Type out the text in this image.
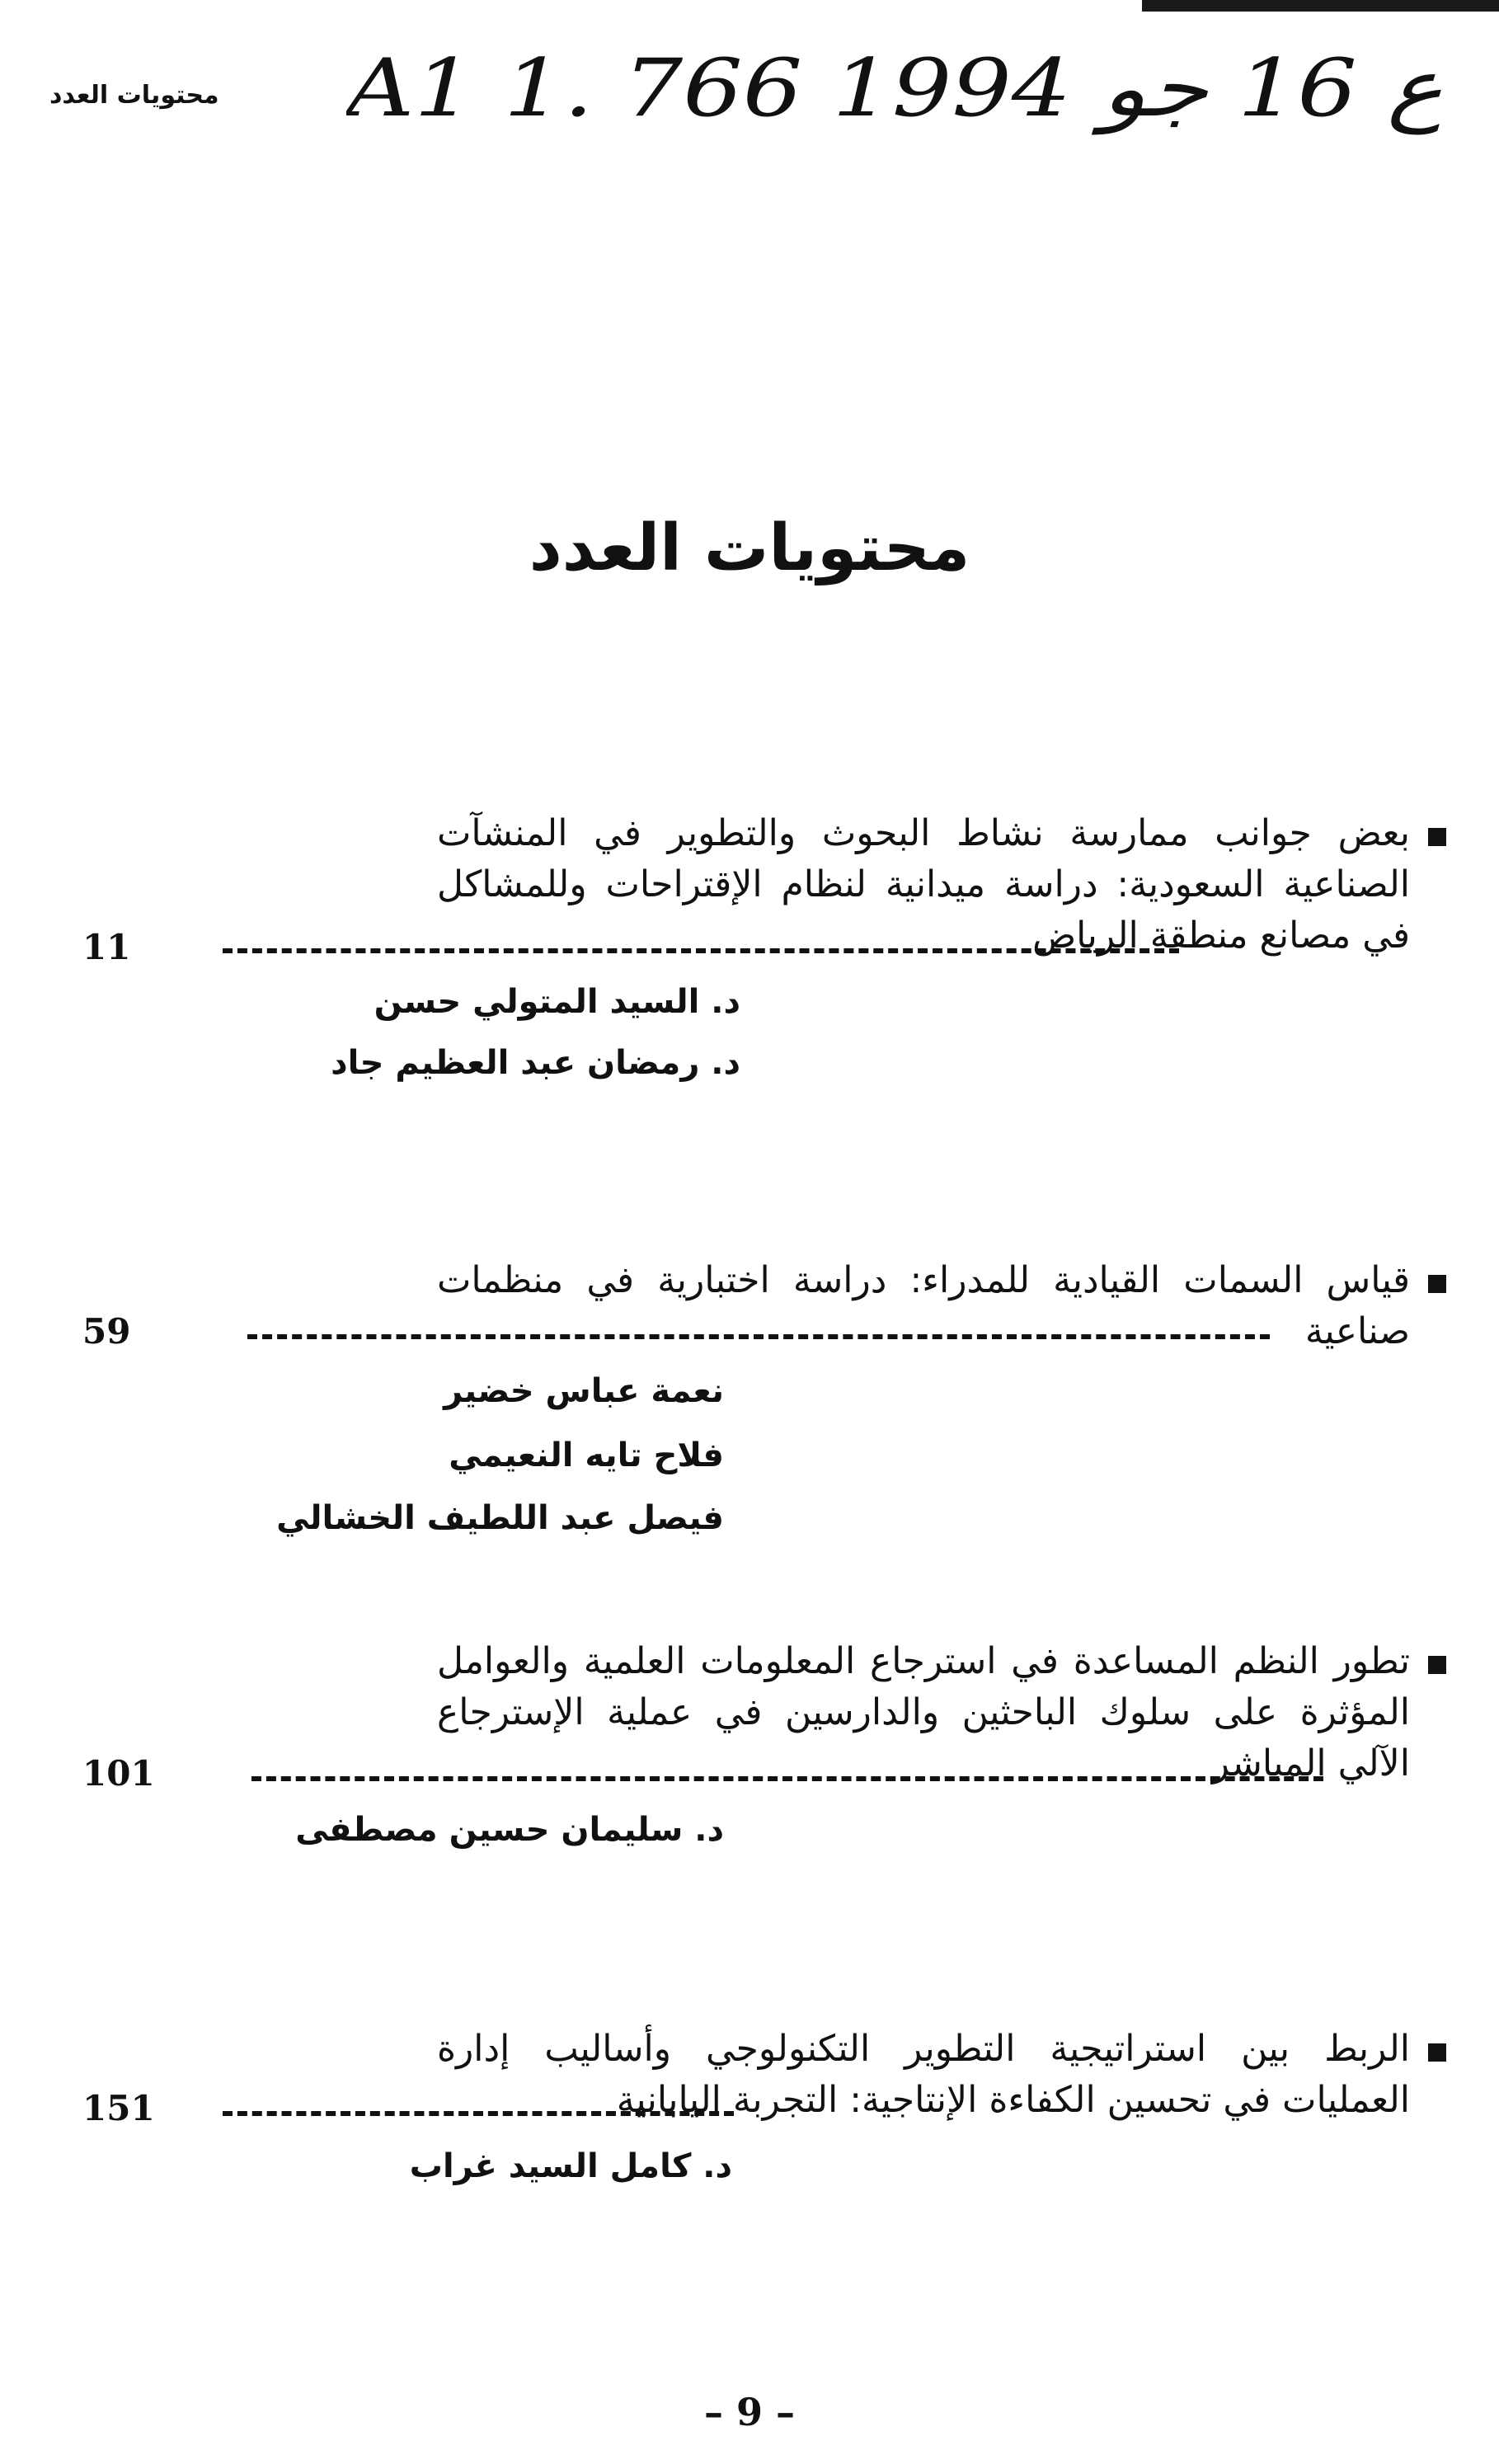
محتويات العدد	A1 1. ع 16 جو 1994 766
محتويات العدد
بعض جوانب ممارسة نشاط البحوث والتطوير في المنشآت الصناعية السعودية: دراسة ميدانية لنظام الإقتراحات وللمشاكل في مصانع منطقة الرياض
11
د. السيد المتولي حسن
د. رمضان عبد العظيم جاد
قياس السمات القيادية للمدراء: دراسة اختبارية في منظمات صناعية
59
نعمة عباس خضير
فلاح تايه النعيمي
فيصل عبد اللطيف الخشالي
تطور النظم المساعدة في استرجاع المعلومات العلمية والعوامل المؤثرة على سلوك الباحثين والدارسين في عملية الإسترجاع الآلي المباشر
101
د. سليمان حسين مصطفى
الربط بين استراتيجية التطوير التكنولوجي وأساليب إدارة العمليات في تحسين الكفاءة الإنتاجية: التجربة اليابانية
151
د. كامل السيد غراب
– 9 –
